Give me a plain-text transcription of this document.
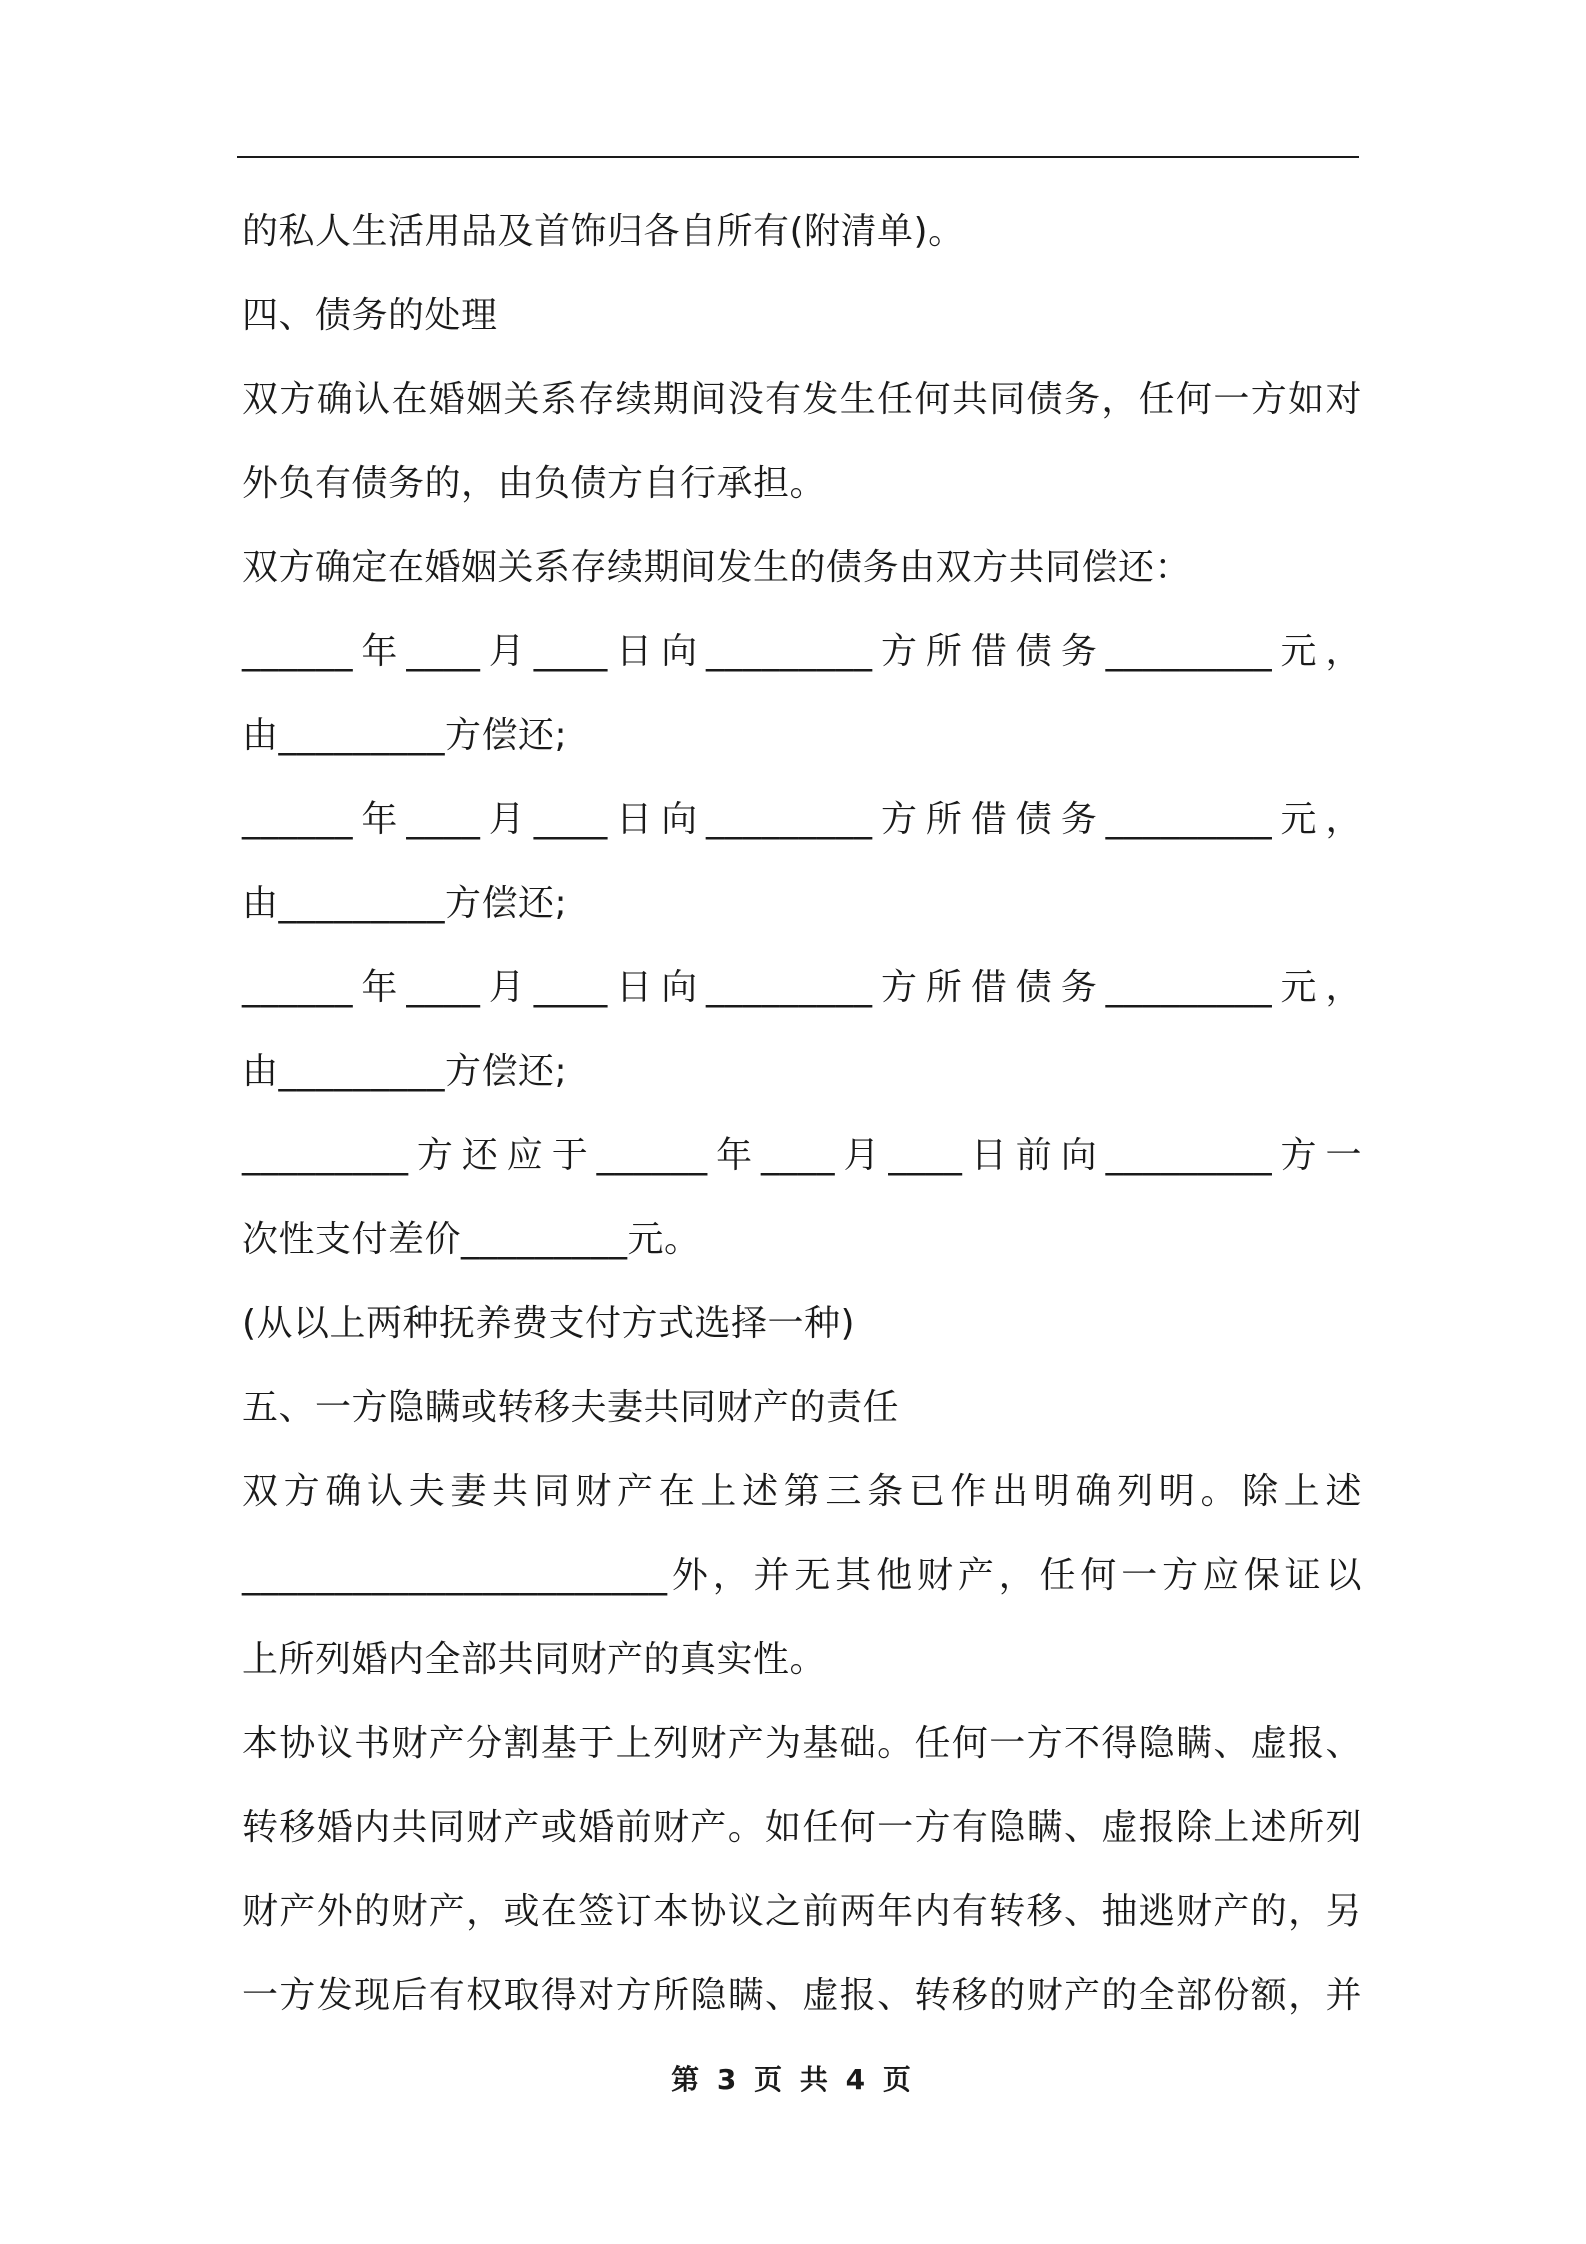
的私人生活用品及首饰归各自所有(附清单)。
四、债务的处理
双方确认在婚姻关系存续期间没有发生任何共同债务，任何一方如对
外负有债务的，由负债方自行承担。
双方确定在婚姻关系存续期间发生的债务由双方共同偿还：
______年____月____日向_________方所借债务_________元，
由_________方偿还;
______年____月____日向_________方所借债务_________元，
由_________方偿还;
______年____月____日向_________方所借债务_________元，
由_________方偿还;
_________方还应于______年____月____日前向_________方一
次性支付差价_________元。
(从以上两种抚养费支付方式选择一种)
五、一方隐瞒或转移夫妻共同财产的责任
双方确认夫妻共同财产在上述第三条已作出明确列明。除上述
_______________________外，并无其他财产，任何一方应保证以
上所列婚内全部共同财产的真实性。
本协议书财产分割基于上列财产为基础。任何一方不得隐瞒、虚报、
转移婚内共同财产或婚前财产。如任何一方有隐瞒、虚报除上述所列
财产外的财产，或在签订本协议之前两年内有转移、抽逃财产的，另
一方发现后有权取得对方所隐瞒、虚报、转移的财产的全部份额，并
第 3 页 共 4 页
